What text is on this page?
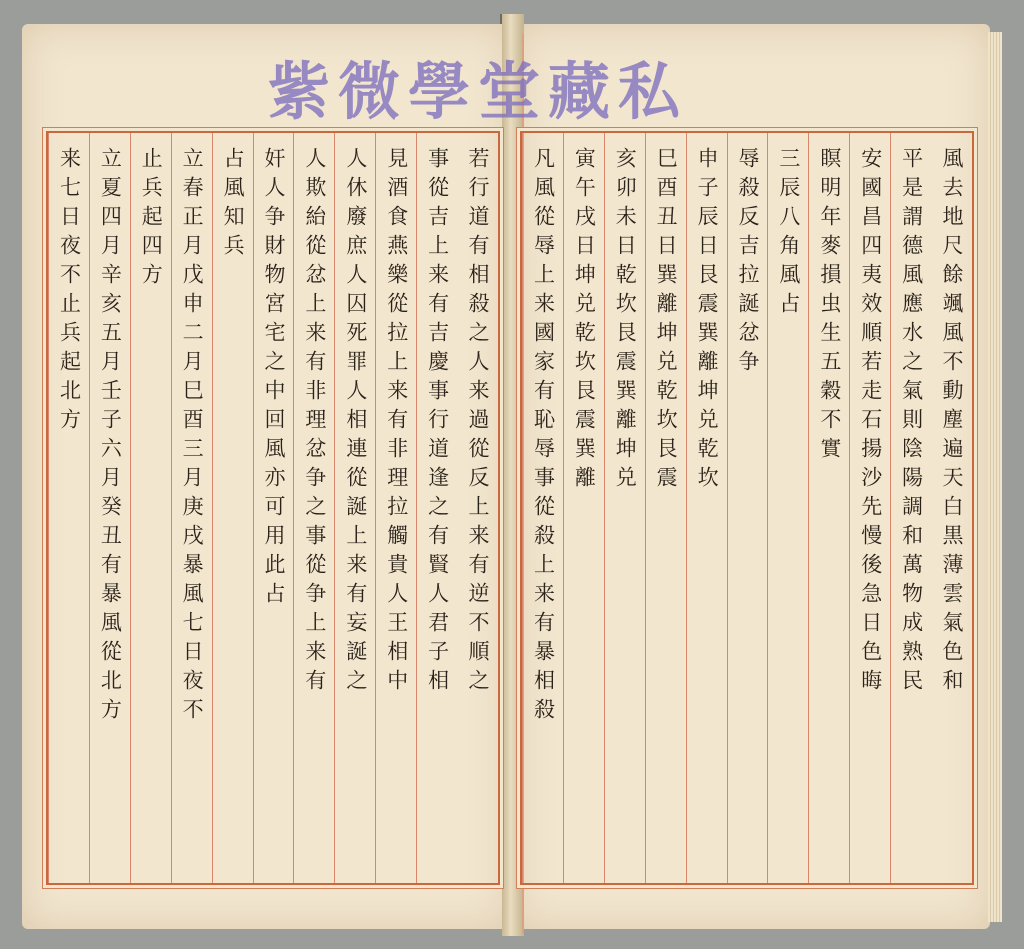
若行道有相殺之人来過從反上来有逆不順之
事從吉上来有吉慶事行道逢之有賢人君子相
見酒食燕樂從拉上来有非理拉觸貴人王相中
人休廢庶人囚死罪人相連從誕上来有妄誕之
人欺紿從忿上来有非理忿争之事從争上来有
奸人争財物宮宅之中回風亦可用此占
占風知兵
立春正月戊申二月巳酉三月庚戌暴風七日夜不
止兵起四方
立夏四月辛亥五月壬子六月癸丑有暴風從北方
来七日夜不止兵起北方	風去地尺餘颯風不動塵遍天白黒薄雲氣色和
平是謂德風應水之氣則陰陽調和萬物成熟民
安國昌四夷效順若走石揚沙先慢後急日色晦
瞑明年麥損虫生五穀不實
三辰八角風占
辱殺反吉拉誕忿争
申子辰日艮震巽離坤兑乾坎
巳酉丑日巽離坤兑乾坎艮震
亥卯未日乾坎艮震巽離坤兑
寅午戌日坤兑乾坎艮震巽離
凡風從辱上来國家有恥辱事從殺上来有暴相殺
紫微學堂藏私
